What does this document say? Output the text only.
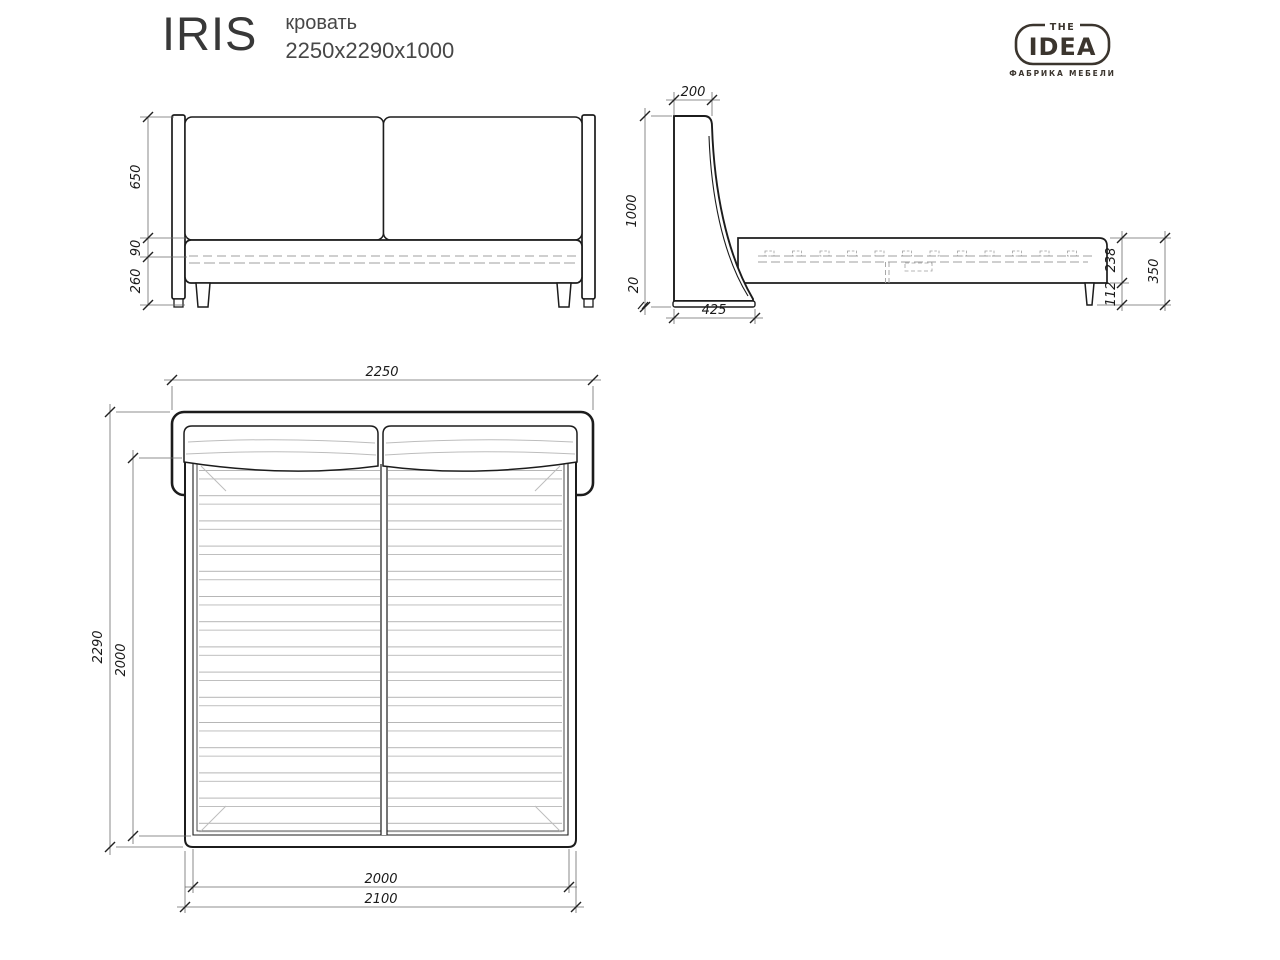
IRIS кровать
2250x2290x1000
THE
IDEA
ФАБРИКА МЕБЕЛИ
650
90
260
200
1000
20
425
238
112
350
2250
2290 2000
2000
2100
